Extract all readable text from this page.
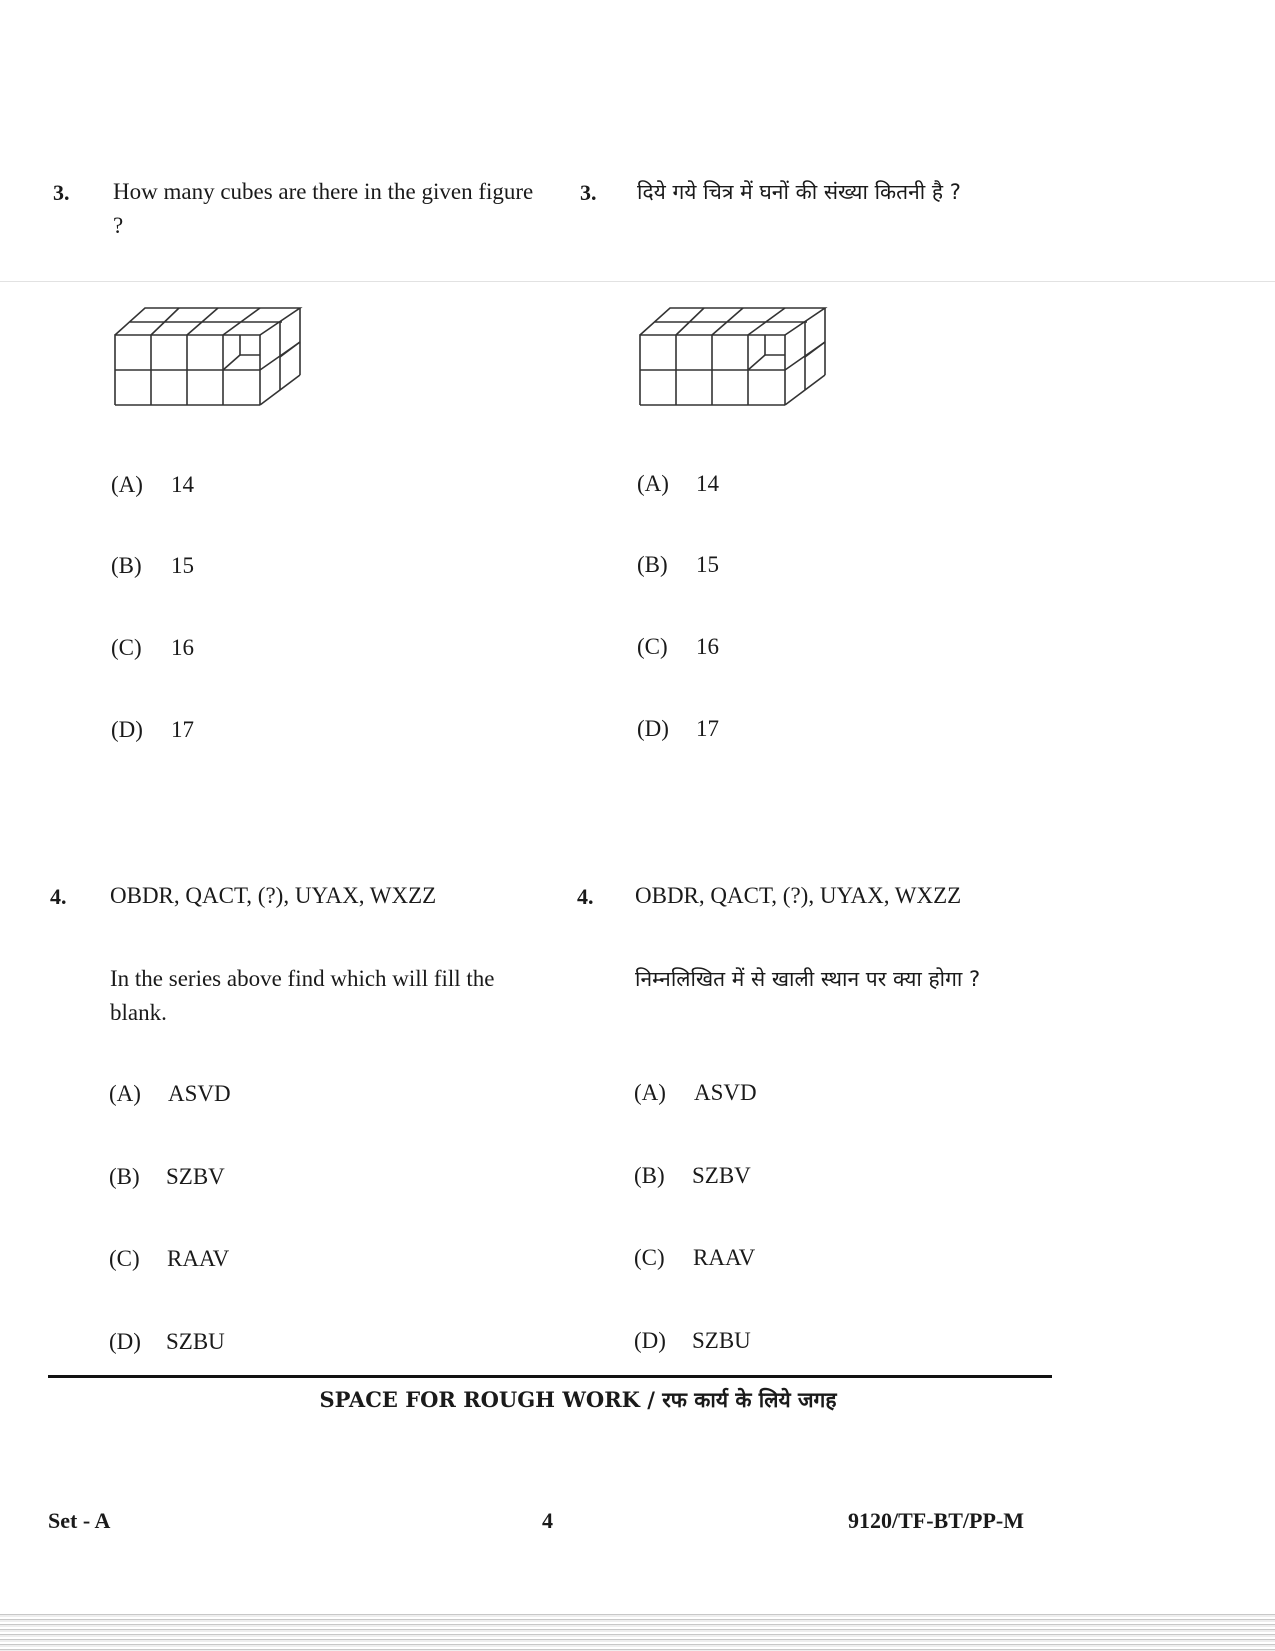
3. How many cubes are there in the given figure ?
3. दिये गये चित्र में घनों की संख्या कितनी है ?
(A) 14
(B) 15
(C) 16
(D) 17
(A) 14
(B) 15
(C) 16
(D) 17
4. OBDR, QACT, (?), UYAX, WXZZ
In the series above find which will fill the blank.
4. OBDR, QACT, (?), UYAX, WXZZ
निम्नलिखित में से खाली स्थान पर क्या होगा ?
(A) ASVD
(B) SZBV
(C) RAAV
(D) SZBU
(A) ASVD
(B) SZBV
(C) RAAV
(D) SZBU
SPACE FOR ROUGH WORK / रफ कार्य के लिये जगह
Set - A	4	9120/TF-BT/PP-M
